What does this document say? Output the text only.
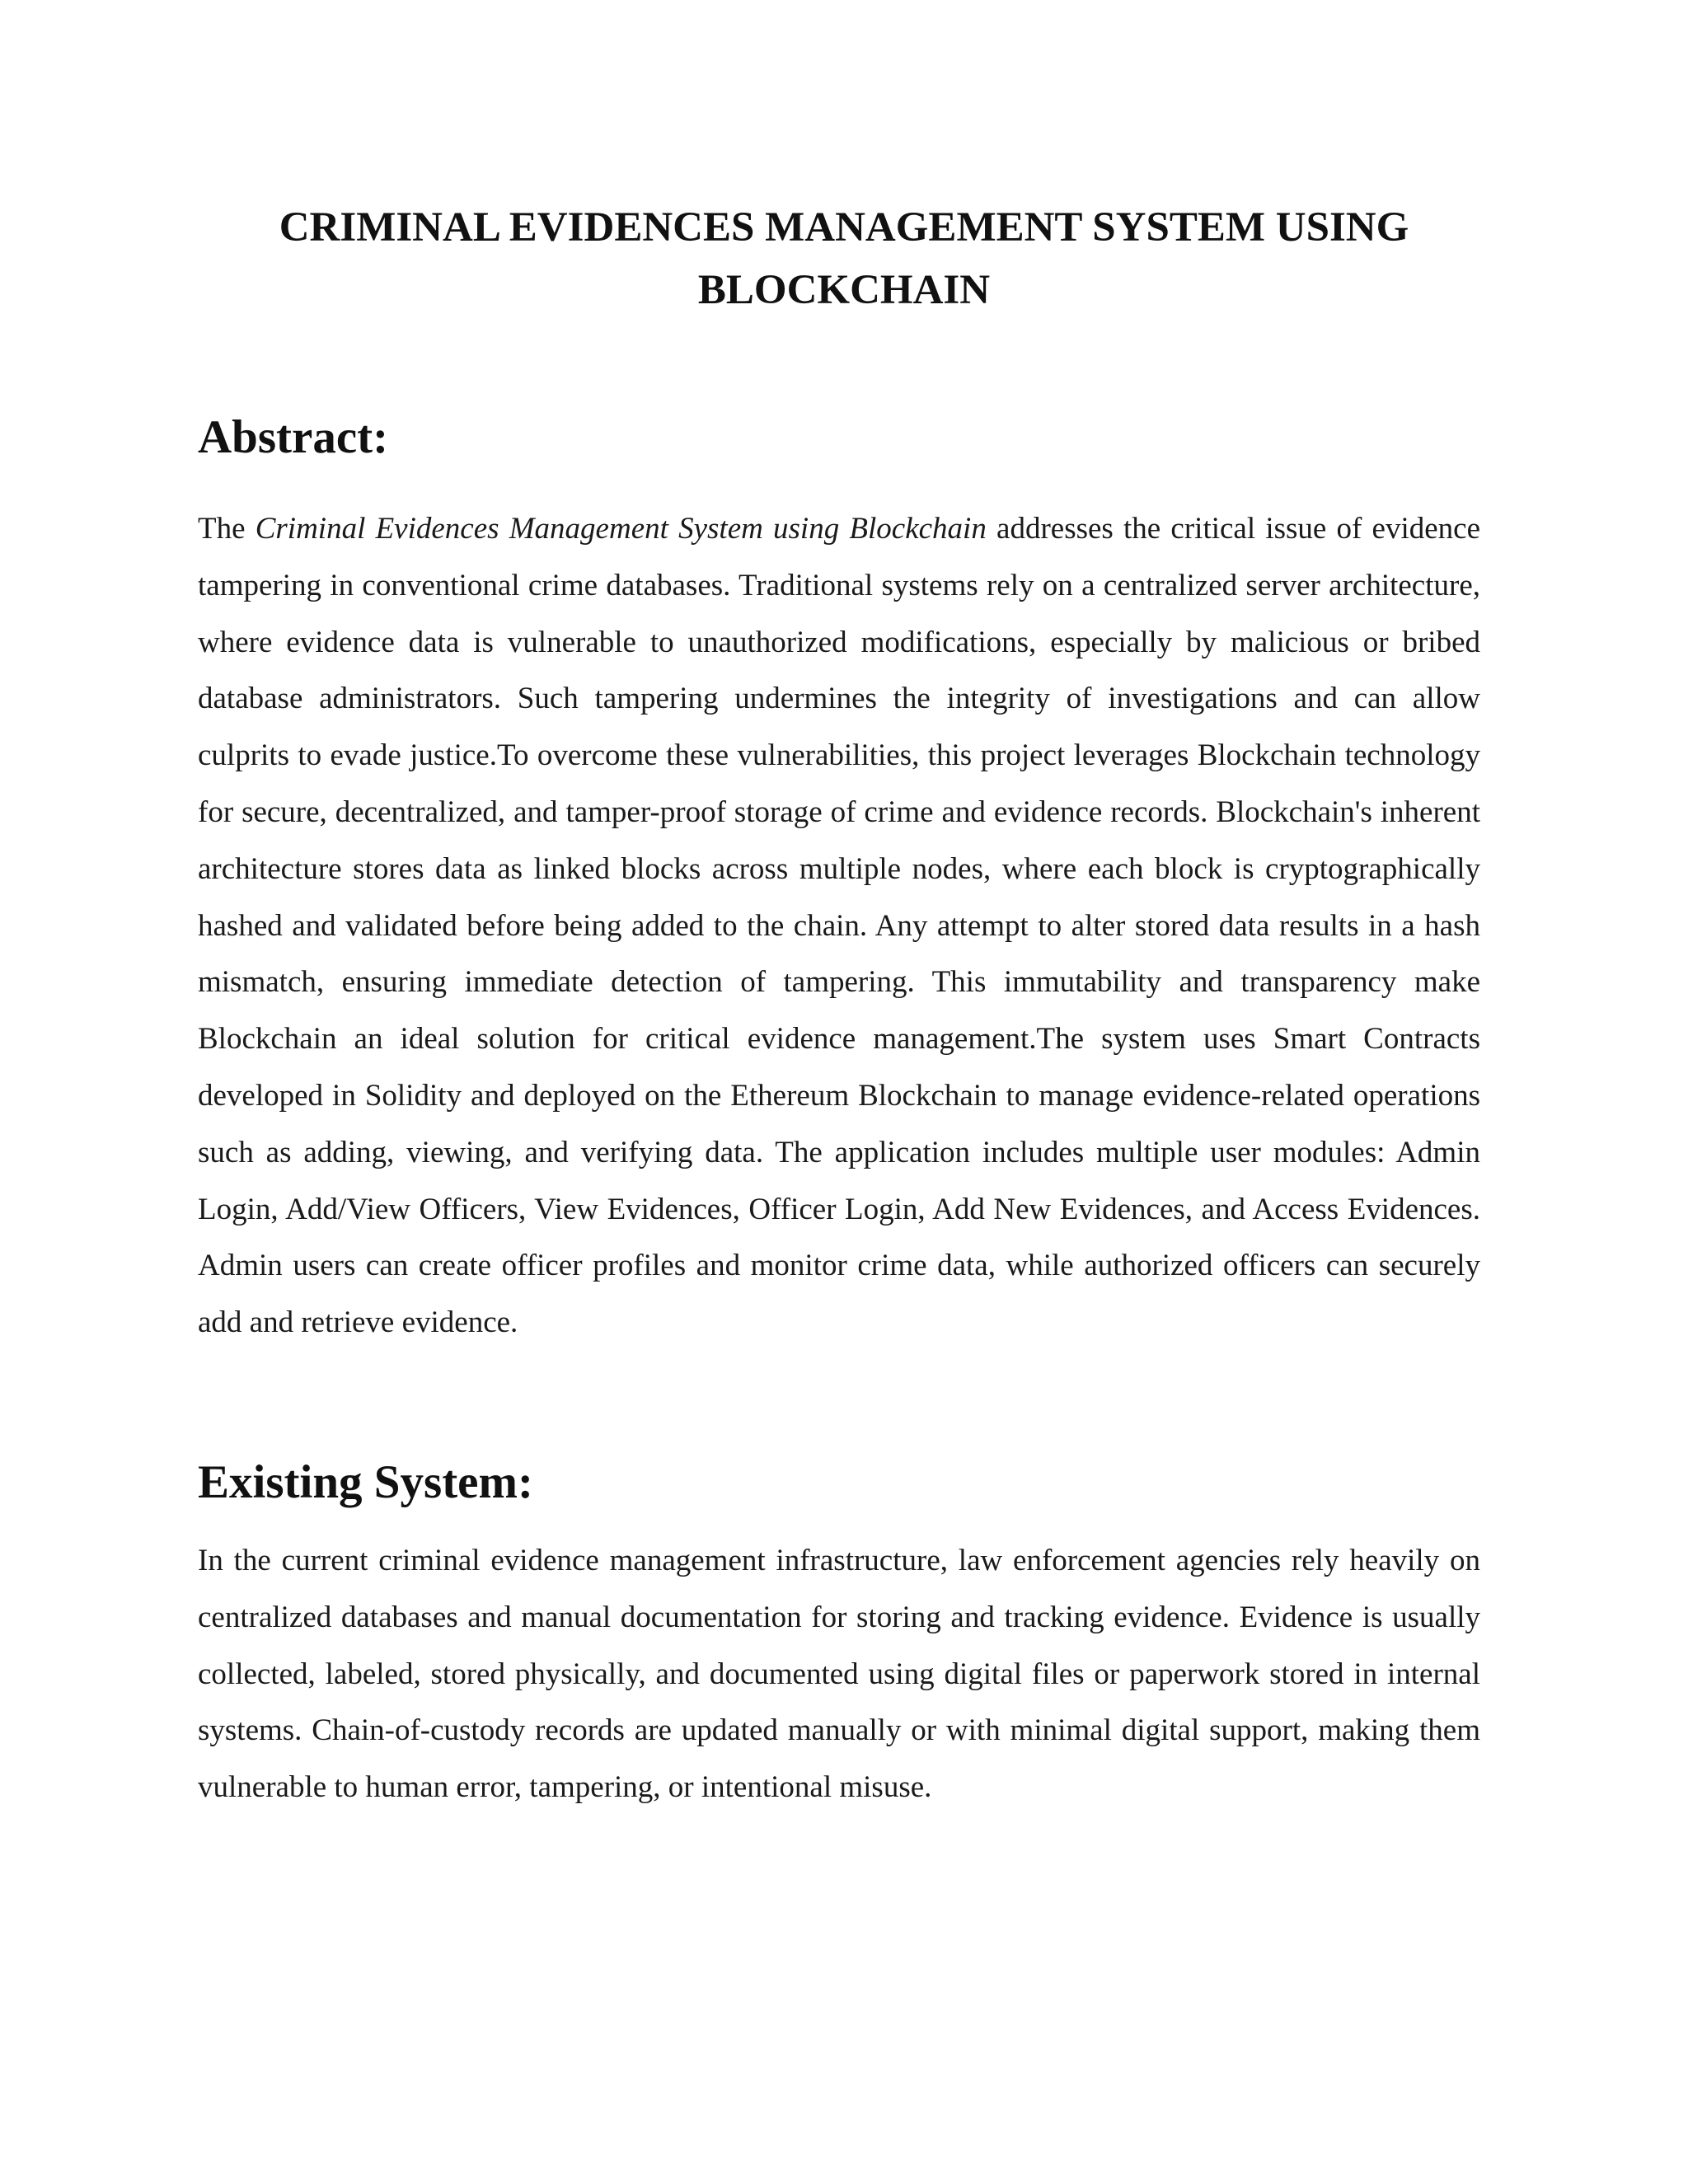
CRIMINAL EVIDENCES MANAGEMENT SYSTEM USING
BLOCKCHAIN
Abstract:

The Criminal Evidences Management System using Blockchain addresses the critical issue of evidence tampering in conventional crime databases. Traditional systems rely on a centralized server architecture, where evidence data is vulnerable to unauthorized modifications, especially by malicious or bribed database administrators. Such tampering undermines the integrity of investigations and can allow culprits to evade justice.To overcome these vulnerabilities, this project leverages Blockchain technology for secure, decentralized, and tamper-proof storage of crime and evidence records. Blockchain's inherent architecture stores data as linked blocks across multiple nodes, where each block is cryptographically hashed and validated before being added to the chain. Any attempt to alter stored data results in a hash mismatch, ensuring immediate detection of tampering. This immutability and transparency make Blockchain an ideal solution for critical evidence management.The system uses Smart Contracts developed in Solidity and deployed on the Ethereum Blockchain to manage evidence-related operations such as adding, viewing, and verifying data. The application includes multiple user modules: Admin Login, Add/View Officers, View Evidences, Officer Login, Add New Evidences, and Access Evidences. Admin users can create officer profiles and monitor crime data, while authorized officers can securely add and retrieve evidence.

Existing System:

In the current criminal evidence management infrastructure, law enforcement agencies rely heavily on centralized databases and manual documentation for storing and tracking evidence. Evidence is usually collected, labeled, stored physically, and documented using digital files or paperwork stored in internal systems. Chain-of-custody records are updated manually or with minimal digital support, making them vulnerable to human error, tampering, or intentional misuse.
